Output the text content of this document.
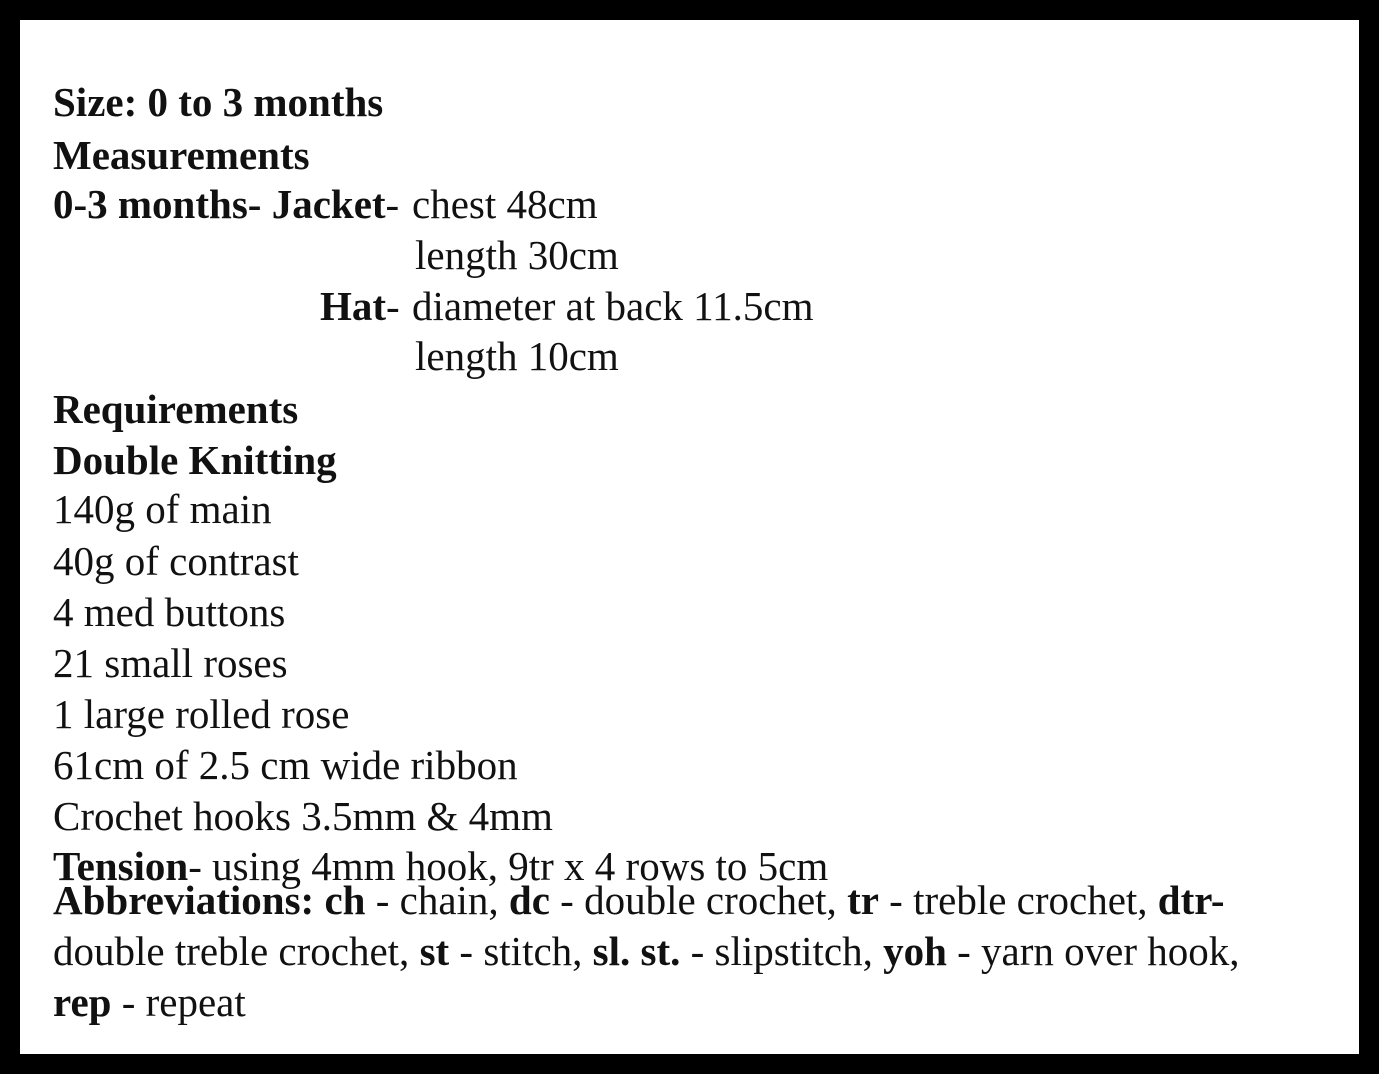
Size: 0 to 3 months
Measurements
0-3 months- Jacket- chest 48cm
length 30cm
Hat- diameter at back 11.5cm
length 10cm
Requirements
Double Knitting
140g of main
40g of contrast
4 med buttons
21 small roses
1 large rolled rose
61cm of 2.5 cm wide ribbon
Crochet hooks 3.5mm & 4mm
Tension- using 4mm hook, 9tr x 4 rows to 5cm
Abbreviations: ch - chain, dc - double crochet, tr - treble crochet, dtr- double treble crochet, st - stitch, sl. st. - slipstitch, yoh - yarn over hook, rep - repeat
